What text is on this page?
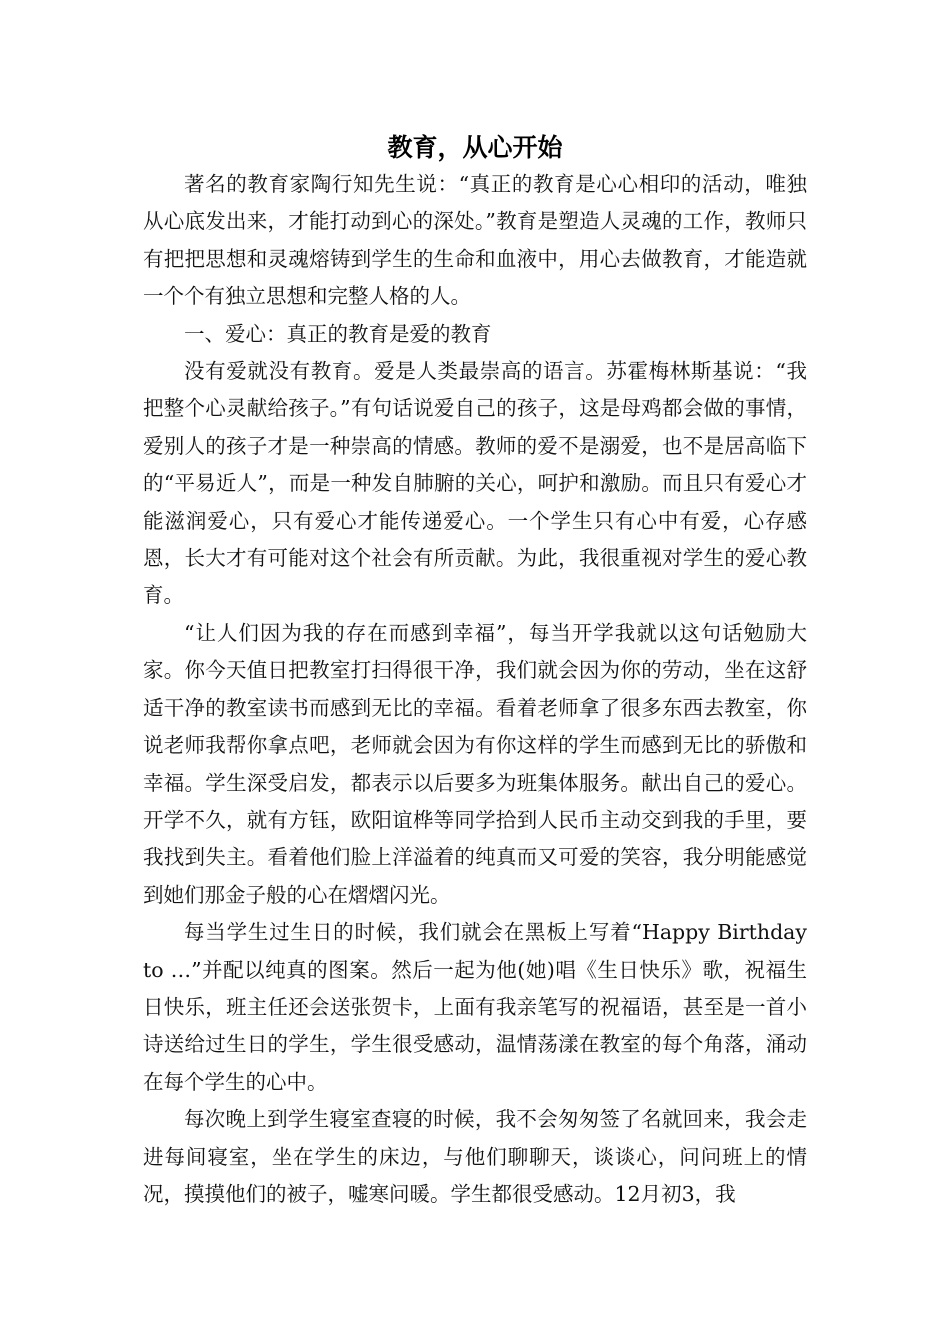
教育，从心开始

著名的教育家陶行知先生说：“真正的教育是心心相印的活动，唯独从心底发出来，才能打动到心的深处。”教育是塑造人灵魂的工作，教师只有把把思想和灵魂熔铸到学生的生命和血液中，用心去做教育，才能造就一个个有独立思想和完整人格的人。

一、爱心：真正的教育是爱的教育

没有爱就没有教育。爱是人类最崇高的语言。苏霍梅林斯基说：“我把整个心灵献给孩子。”有句话说爱自己的孩子，这是母鸡都会做的事情，爱别人的孩子才是一种崇高的情感。教师的爱不是溺爱，也不是居高临下的“平易近人”，而是一种发自肺腑的关心，呵护和激励。而且只有爱心才能滋润爱心，只有爱心才能传递爱心。一个学生只有心中有爱，心存感恩，长大才有可能对这个社会有所贡献。为此，我很重视对学生的爱心教育。

“让人们因为我的存在而感到幸福”，每当开学我就以这句话勉励大家。你今天值日把教室打扫得很干净，我们就会因为你的劳动，坐在这舒适干净的教室读书而感到无比的幸福。看着老师拿了很多东西去教室，你说老师我帮你拿点吧，老师就会因为有你这样的学生而感到无比的骄傲和幸福。学生深受启发，都表示以后要多为班集体服务。献出自己的爱心。开学不久，就有方钰，欧阳谊桦等同学拾到人民币主动交到我的手里，要我找到失主。看着他们脸上洋溢着的纯真而又可爱的笑容，我分明能感觉到她们那金子般的心在熠熠闪光。

每当学生过生日的时候，我们就会在黑板上写着“Happy Birthday to …”并配以纯真的图案。然后一起为他(她)唱《生日快乐》歌，祝福生日快乐，班主任还会送张贺卡，上面有我亲笔写的祝福语，甚至是一首小诗送给过生日的学生，学生很受感动，温情荡漾在教室的每个角落，涌动在每个学生的心中。

每次晚上到学生寝室查寝的时候，我不会匆匆签了名就回来，我会走进每间寝室，坐在学生的床边，与他们聊聊天，谈谈心，问问班上的情况，摸摸他们的被子，嘘寒问暖。学生都很受感动。12月初3，我
